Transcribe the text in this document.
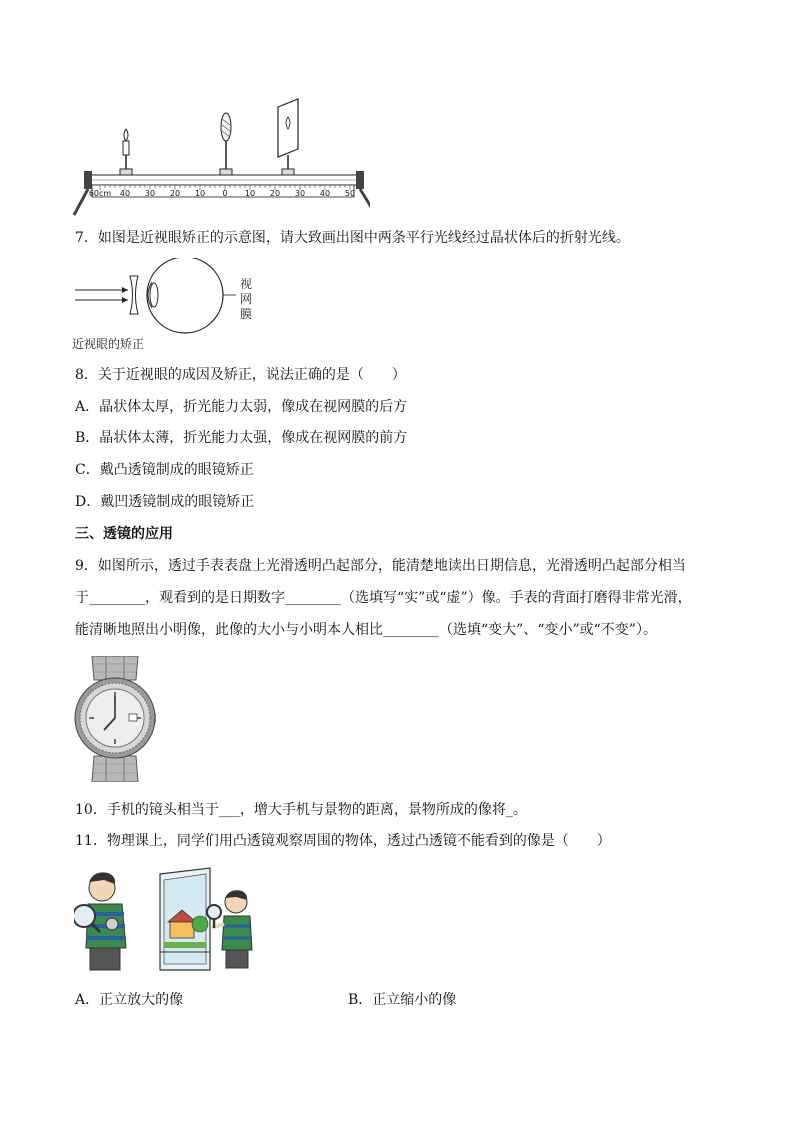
60cm 40 30 20 10 0 10 20 30 40 50
7．如图是近视眼矫正的示意图，请大致画出图中两条平行光线经过晶状体后的折射光线。
视
网
膜
近视眼的矫正
8．关于近视眼的成因及矫正，说法正确的是（　　）
A．晶状体太厚，折光能力太弱，像成在视网膜的后方
B．晶状体太薄，折光能力太强，像成在视网膜的前方
C．戴凸透镜制成的眼镜矫正
D．戴凹透镜制成的眼镜矫正
三、透镜的应用
9．如图所示，透过手表表盘上光滑透明凸起部分，能清楚地读出日期信息，光滑透明凸起部分相当
于________，观看到的是日期数字________（选填写“实”或“虚”）像。手表的背面打磨得非常光滑，
能清晰地照出小明像，此像的大小与小明本人相比________（选填“变大”、“变小”或“不变”）。
10．手机的镜头相当于___，增大手机与景物的距离，景物所成的像将_。
11．物理课上，同学们用凸透镜观察周围的物体，透过凸透镜不能看到的像是（　　）
A．正立放大的像	B．正立缩小的像
